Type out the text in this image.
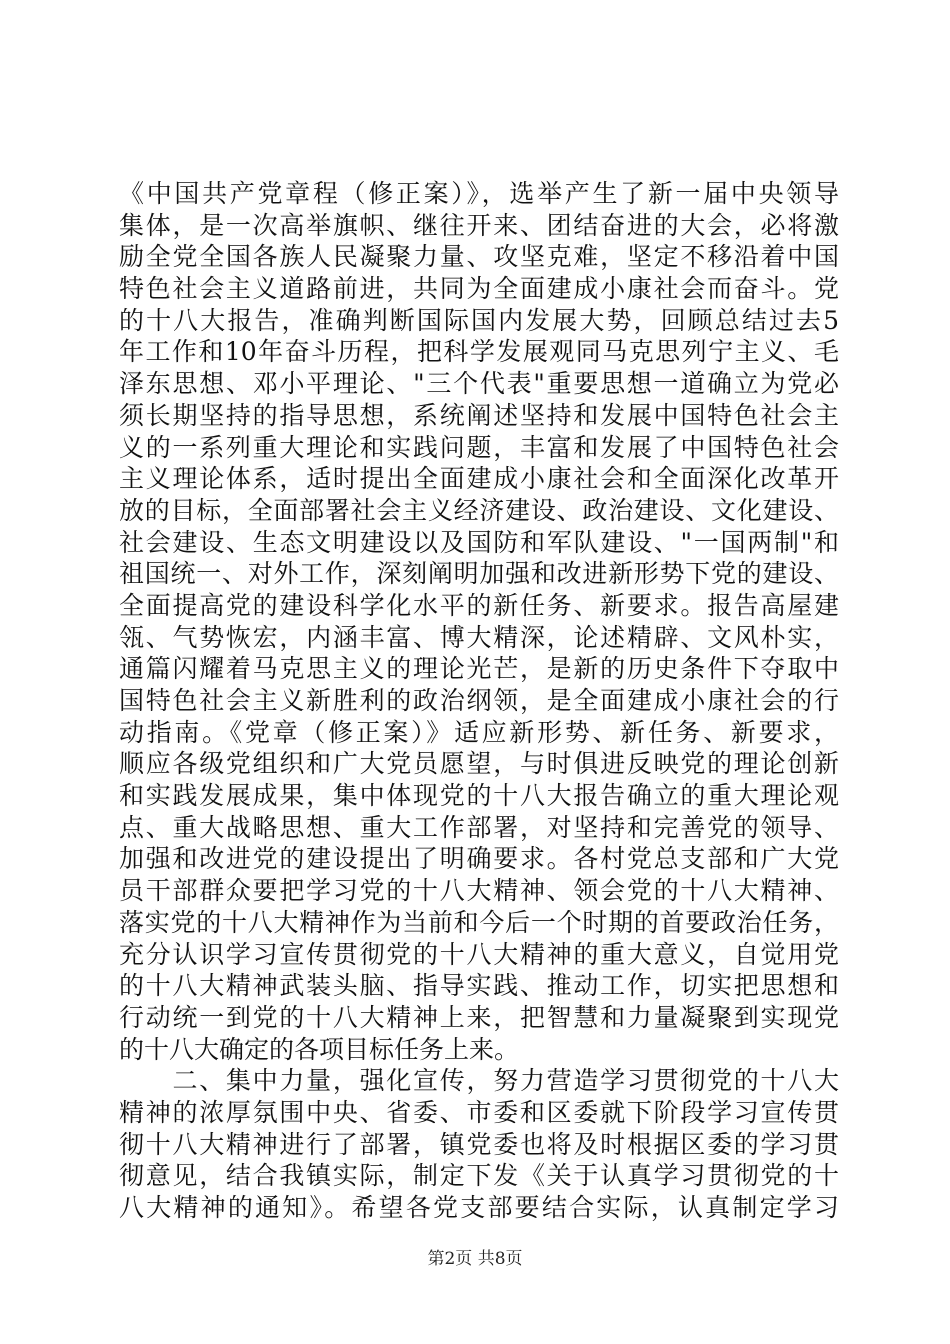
《中国共产党章程（修正案）》，选举产生了新一届中央领导
集体，是一次高举旗帜、继往开来、团结奋进的大会，必将激
励全党全国各族人民凝聚力量、攻坚克难，坚定不移沿着中国
特色社会主义道路前进，共同为全面建成小康社会而奋斗。党
的十八大报告，准确判断国际国内发展大势，回顾总结过去5
年工作和10年奋斗历程，把科学发展观同马克思列宁主义、毛
泽东思想、邓小平理论、"三个代表"重要思想一道确立为党必
须长期坚持的指导思想，系统阐述坚持和发展中国特色社会主
义的一系列重大理论和实践问题，丰富和发展了中国特色社会
主义理论体系，适时提出全面建成小康社会和全面深化改革开
放的目标，全面部署社会主义经济建设、政治建设、文化建设、
社会建设、生态文明建设以及国防和军队建设、"一国两制"和
祖国统一、对外工作，深刻阐明加强和改进新形势下党的建设、
全面提高党的建设科学化水平的新任务、新要求。报告高屋建
瓴、气势恢宏，内涵丰富、博大精深，论述精辟、文风朴实，
通篇闪耀着马克思主义的理论光芒，是新的历史条件下夺取中
国特色社会主义新胜利的政治纲领，是全面建成小康社会的行
动指南。《党章（修正案）》适应新形势、新任务、新要求，
顺应各级党组织和广大党员愿望，与时俱进反映党的理论创新
和实践发展成果，集中体现党的十八大报告确立的重大理论观
点、重大战略思想、重大工作部署，对坚持和完善党的领导、
加强和改进党的建设提出了明确要求。各村党总支部和广大党
员干部群众要把学习党的十八大精神、领会党的十八大精神、
落实党的十八大精神作为当前和今后一个时期的首要政治任务，
充分认识学习宣传贯彻党的十八大精神的重大意义，自觉用党
的十八大精神武装头脑、指导实践、推动工作，切实把思想和
行动统一到党的十八大精神上来，把智慧和力量凝聚到实现党
的十八大确定的各项目标任务上来。
　　二、集中力量，强化宣传，努力营造学习贯彻党的十八大
精神的浓厚氛围中央、省委、市委和区委就下阶段学习宣传贯
彻十八大精神进行了部署，镇党委也将及时根据区委的学习贯
彻意见，结合我镇实际，制定下发《关于认真学习贯彻党的十
八大精神的通知》。希望各党支部要结合实际，认真制定学习
第2页 共8页
